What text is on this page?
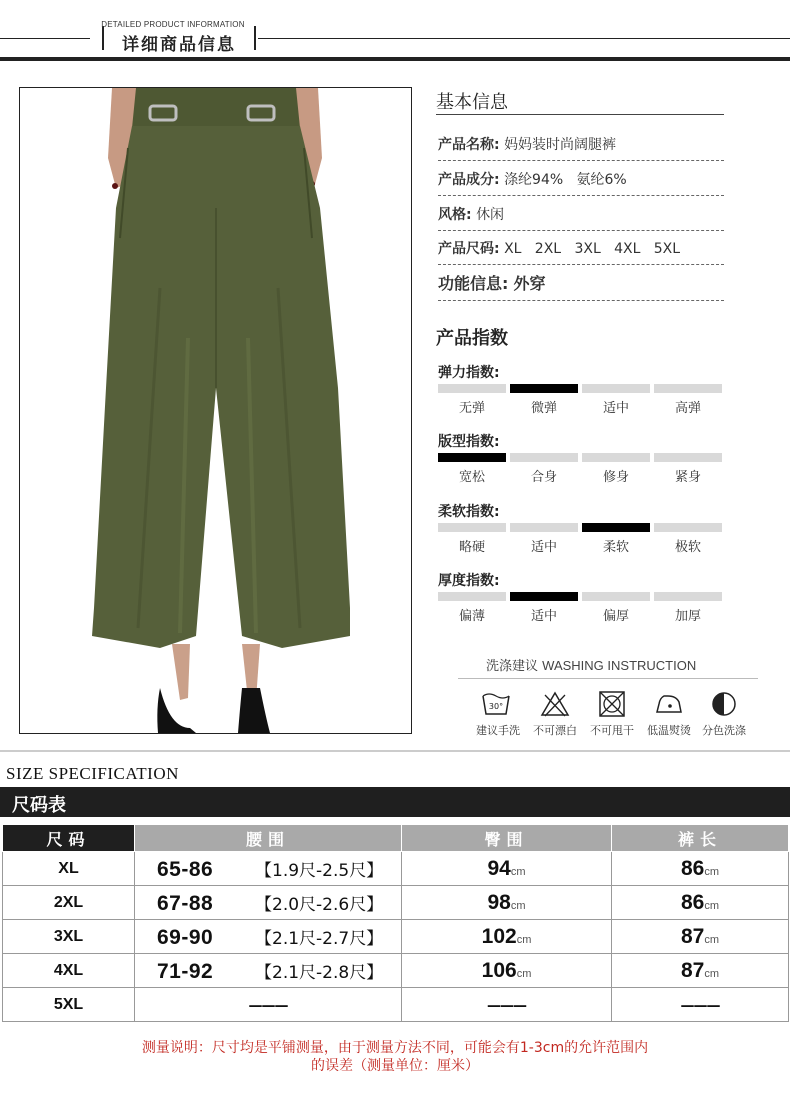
DETAILED PRODUCT INFORMATION
详细商品信息
基本信息
产品名称: 妈妈装时尚阔腿裤
产品成分: 涤纶94%   氨纶6%
风格: 休闲
产品尺码: XL   2XL   3XL   4XL   5XL
功能信息: 外穿
产品指数
弹力指数:
无弹	微弹	适中	高弹
版型指数:
宽松	合身	修身	紧身
柔软指数:
略硬	适中	柔软	极软
厚度指数:
偏薄	适中	偏厚	加厚
洗涤建议 WASHING INSTRUCTION
30°
建议手洗	不可漂白	不可甩干	低温熨烫	分色洗涤
SIZE SPECIFICATION
尺码表
尺码	腰围	臀围	裤长
XL	65-86 【1.9尺-2.5尺】	94cm	86cm
2XL	67-88 【2.0尺-2.6尺】	98cm	86cm
3XL	69-90 【2.1尺-2.7尺】	102cm	87cm
4XL	71-92 【2.1尺-2.8尺】	106cm	87cm
5XL	———	———	———
测量说明：尺寸均是平铺测量，由于测量方法不同，可能会有1-3cm的允许范围内
的误差（测量单位：厘米）
